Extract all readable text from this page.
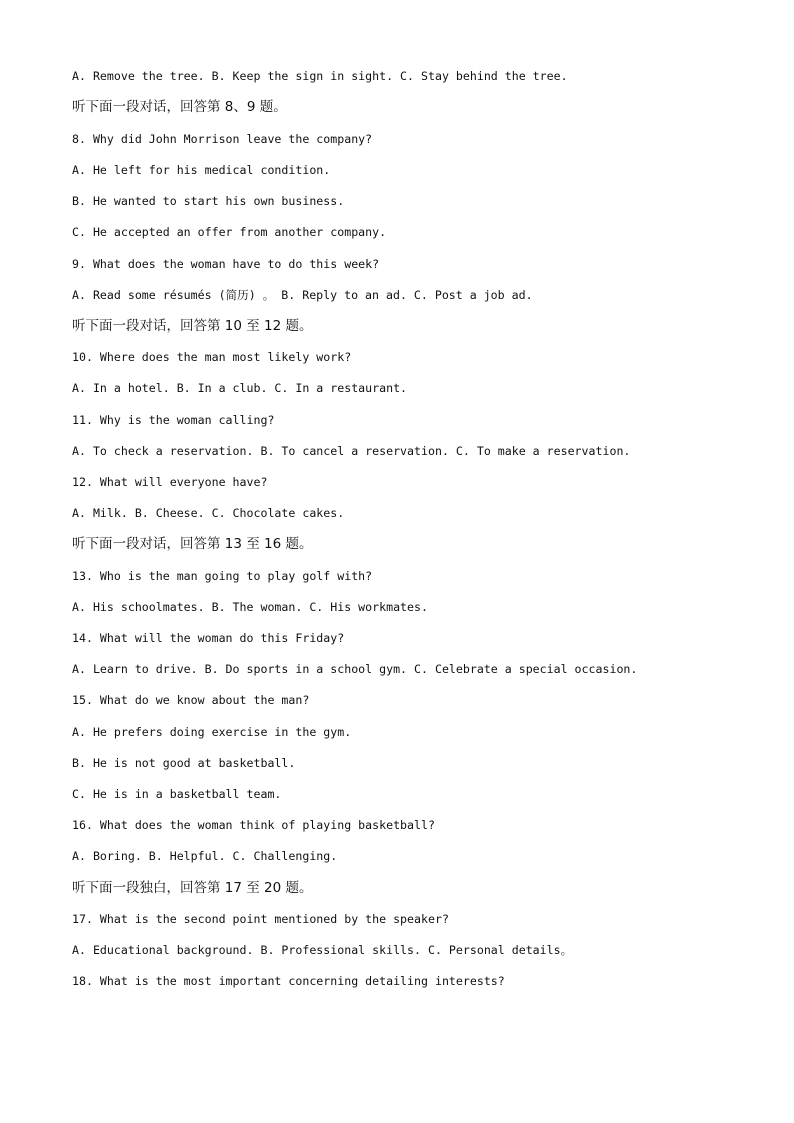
A. Remove the tree. B. Keep the sign in sight. C. Stay behind the tree.
听下面一段对话，回答第 8、9 题。
8. Why did John Morrison leave the company?
A. He left for his medical condition.
B. He wanted to start his own business.
C. He accepted an offer from another company.
9. What does the woman have to do this week?
A. Read some résumés (简历) 。 B. Reply to an ad. C. Post a job ad.
听下面一段对话，回答第 10 至 12 题。
10. Where does the man most likely work?
A. In a hotel. B. In a club. C. In a restaurant.
11. Why is the woman calling?
A. To check a reservation. B. To cancel a reservation. C. To make a reservation.
12. What will everyone have?
A. Milk. B. Cheese. C. Chocolate cakes.
听下面一段对话，回答第 13 至 16 题。
13. Who is the man going to play golf with?
A. His schoolmates. B. The woman. C. His workmates.
14. What will the woman do this Friday?
A. Learn to drive. B. Do sports in a school gym. C. Celebrate a special occasion.
15. What do we know about the man?
A. He prefers doing exercise in the gym.
B. He is not good at basketball.
C. He is in a basketball team.
16. What does the woman think of playing basketball?
A. Boring. B. Helpful. C. Challenging.
听下面一段独白，回答第 17 至 20 题。
17. What is the second point mentioned by the speaker?
A. Educational background. B. Professional skills. C. Personal details。
18. What is the most important concerning detailing interests?
